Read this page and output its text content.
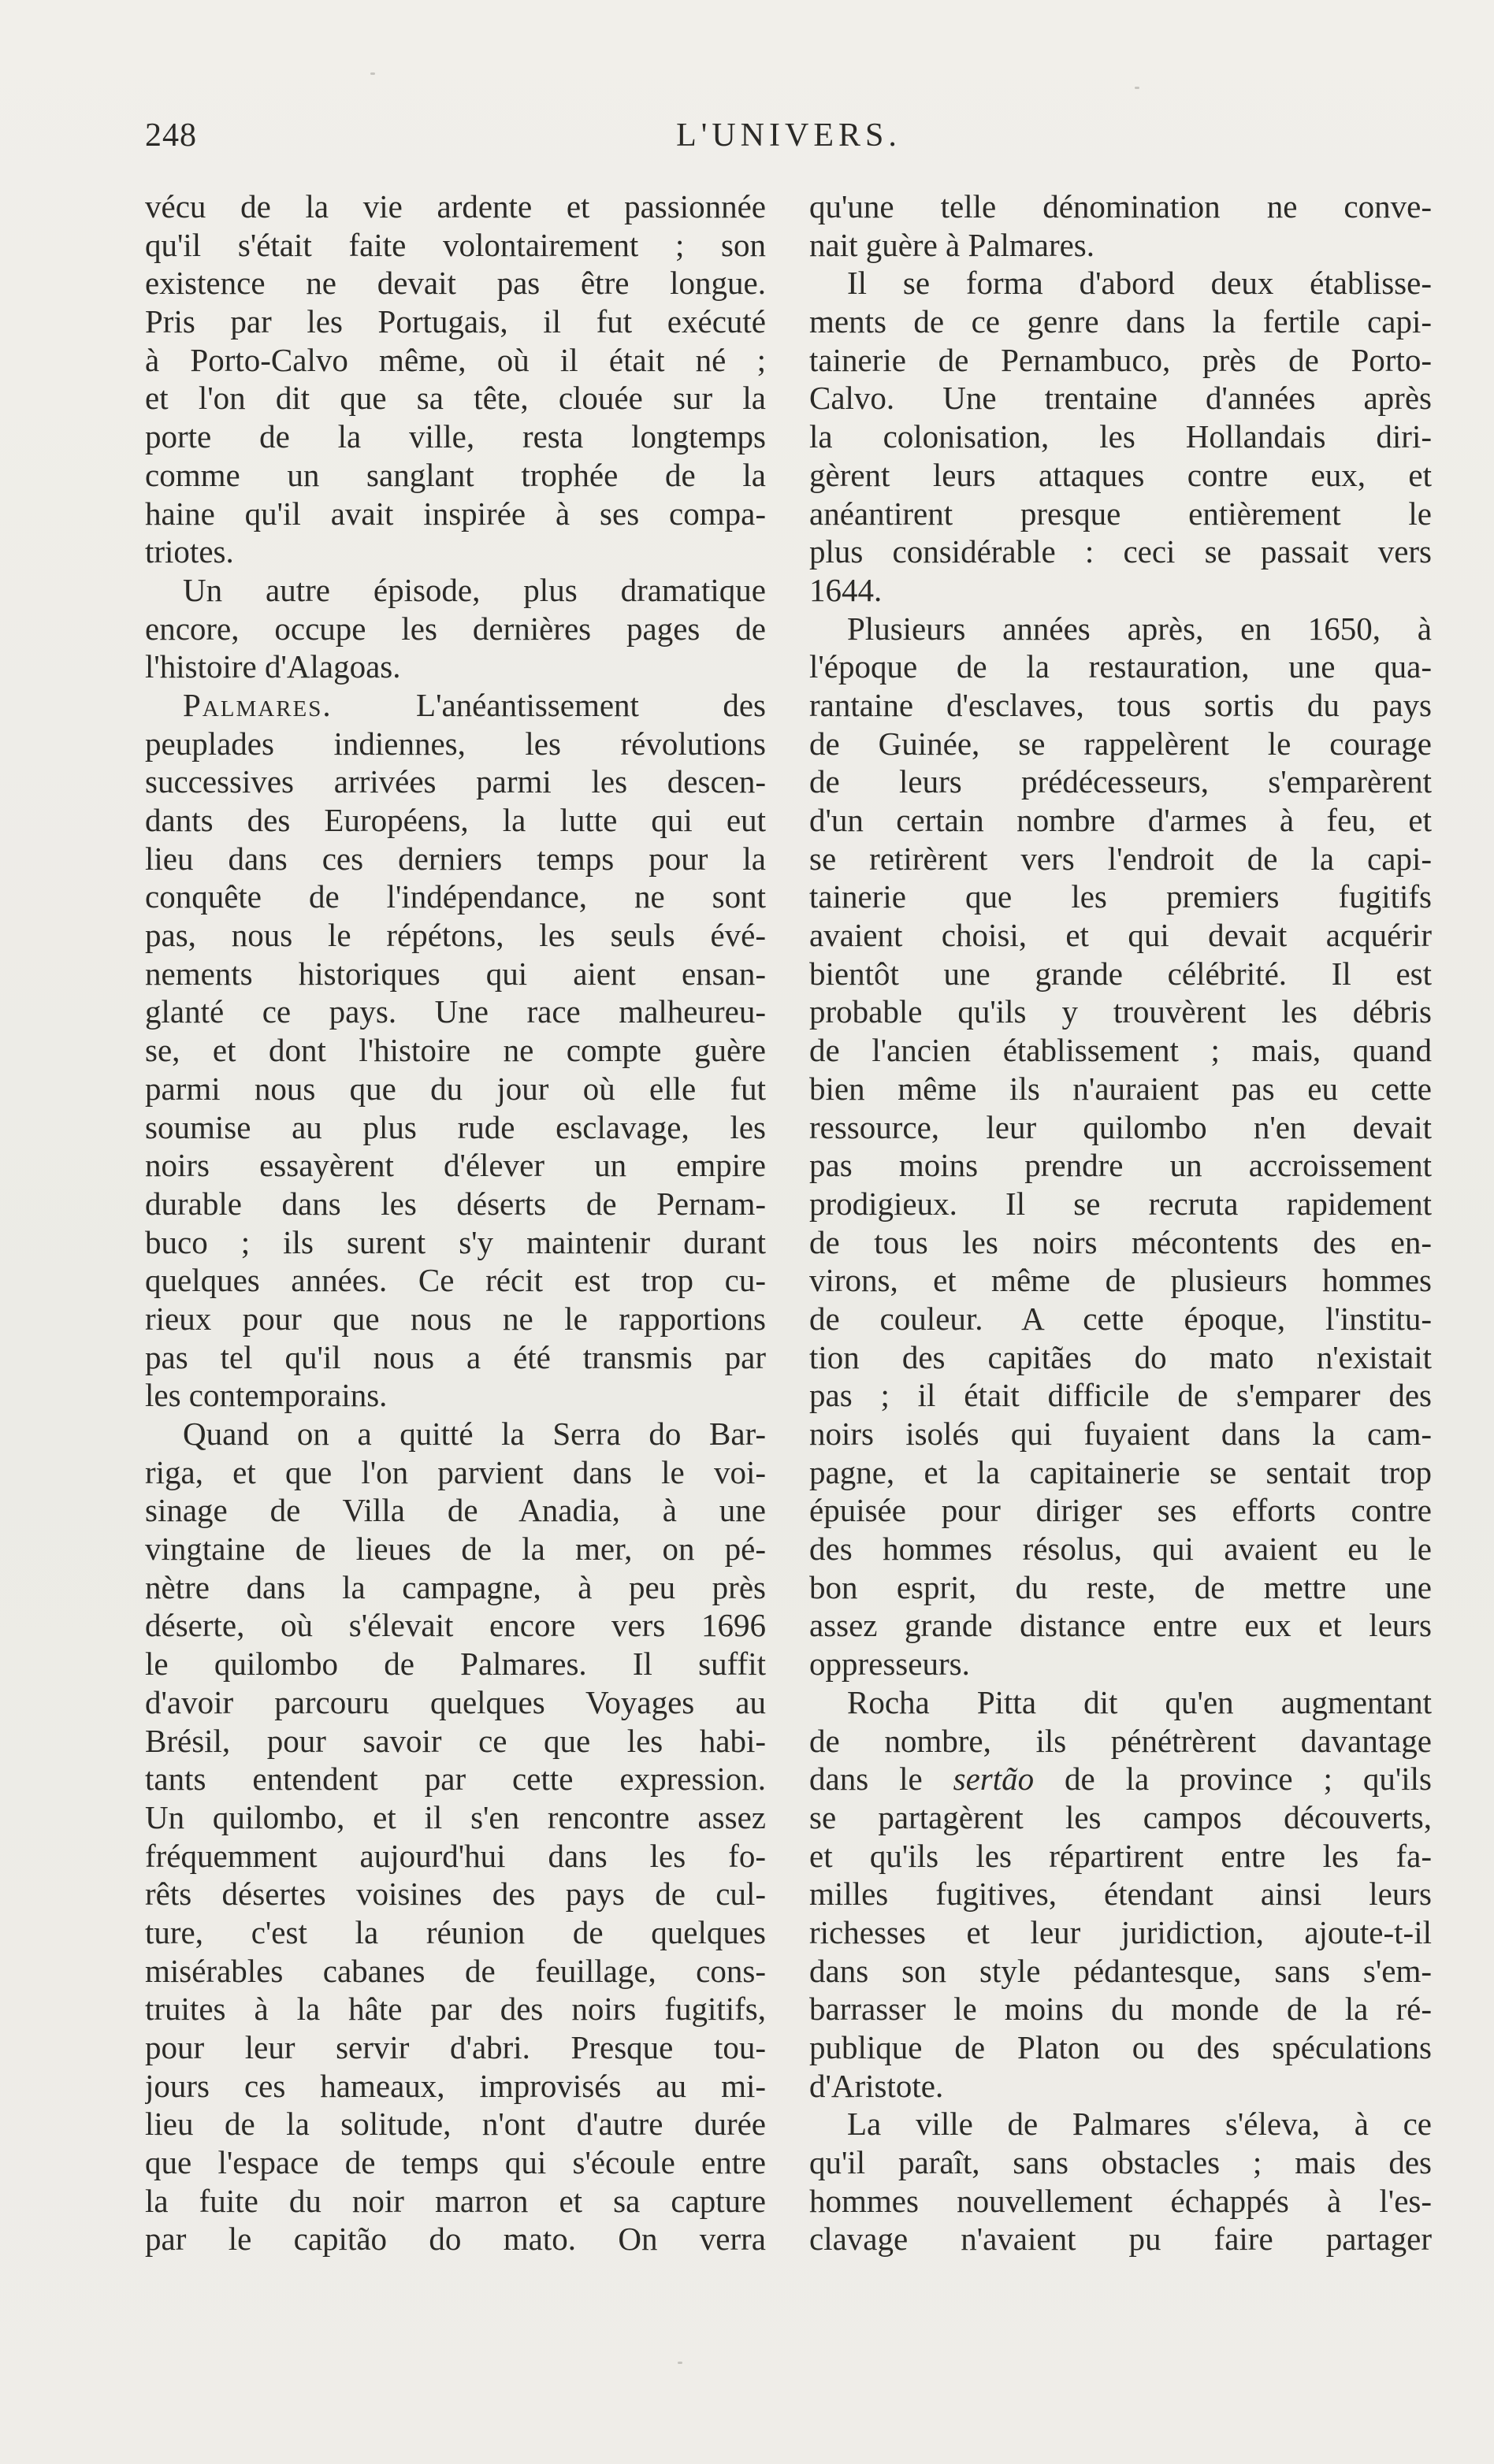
248	L'UNIVERS.
vécu de la vie ardente et passionnée
qu'il s'était faite volontairement ; son
existence ne devait pas être longue.
Pris par les Portugais, il fut exécuté
à Porto-Calvo même, où il était né ;
et l'on dit que sa tête, clouée sur la
porte de la ville, resta longtemps
comme un sanglant trophée de la
haine qu'il avait inspirée à ses compa-
triotes.
Un autre épisode, plus dramatique
encore, occupe les dernières pages de
l'histoire d'Alagoas.
Palmares. L'anéantissement des
peuplades indiennes, les révolutions
successives arrivées parmi les descen-
dants des Européens, la lutte qui eut
lieu dans ces derniers temps pour la
conquête de l'indépendance, ne sont
pas, nous le répétons, les seuls évé-
nements historiques qui aient ensan-
glanté ce pays. Une race malheureu-
se, et dont l'histoire ne compte guère
parmi nous que du jour où elle fut
soumise au plus rude esclavage, les
noirs essayèrent d'élever un empire
durable dans les déserts de Pernam-
buco ; ils surent s'y maintenir durant
quelques années. Ce récit est trop cu-
rieux pour que nous ne le rapportions
pas tel qu'il nous a été transmis par
les contemporains.
Quand on a quitté la Serra do Bar-
riga, et que l'on parvient dans le voi-
sinage de Villa de Anadia, à une
vingtaine de lieues de la mer, on pé-
nètre dans la campagne, à peu près
déserte, où s'élevait encore vers 1696
le quilombo de Palmares. Il suffit
d'avoir parcouru quelques Voyages au
Brésil, pour savoir ce que les habi-
tants entendent par cette expression.
Un quilombo, et il s'en rencontre assez
fréquemment aujourd'hui dans les fo-
rêts désertes voisines des pays de cul-
ture, c'est la réunion de quelques
misérables cabanes de feuillage, cons-
truites à la hâte par des noirs fugitifs,
pour leur servir d'abri. Presque tou-
jours ces hameaux, improvisés au mi-
lieu de la solitude, n'ont d'autre durée
que l'espace de temps qui s'écoule entre
la fuite du noir marron et sa capture
par le capitão do mato. On verra
qu'une telle dénomination ne conve-
nait guère à Palmares.
Il se forma d'abord deux établisse-
ments de ce genre dans la fertile capi-
tainerie de Pernambuco, près de Porto-
Calvo. Une trentaine d'années après
la colonisation, les Hollandais diri-
gèrent leurs attaques contre eux, et
anéantirent presque entièrement le
plus considérable : ceci se passait vers
1644.
Plusieurs années après, en 1650, à
l'époque de la restauration, une qua-
rantaine d'esclaves, tous sortis du pays
de Guinée, se rappelèrent le courage
de leurs prédécesseurs, s'emparèrent
d'un certain nombre d'armes à feu, et
se retirèrent vers l'endroit de la capi-
tainerie que les premiers fugitifs
avaient choisi, et qui devait acquérir
bientôt une grande célébrité. Il est
probable qu'ils y trouvèrent les débris
de l'ancien établissement ; mais, quand
bien même ils n'auraient pas eu cette
ressource, leur quilombo n'en devait
pas moins prendre un accroissement
prodigieux. Il se recruta rapidement
de tous les noirs mécontents des en-
virons, et même de plusieurs hommes
de couleur. A cette époque, l'institu-
tion des capitães do mato n'existait
pas ; il était difficile de s'emparer des
noirs isolés qui fuyaient dans la cam-
pagne, et la capitainerie se sentait trop
épuisée pour diriger ses efforts contre
des hommes résolus, qui avaient eu le
bon esprit, du reste, de mettre une
assez grande distance entre eux et leurs
oppresseurs.
Rocha Pitta dit qu'en augmentant
de nombre, ils pénétrèrent davantage
dans le sertão de la province ; qu'ils
se partagèrent les campos découverts,
et qu'ils les répartirent entre les fa-
milles fugitives, étendant ainsi leurs
richesses et leur juridiction, ajoute-t-il
dans son style pédantesque, sans s'em-
barrasser le moins du monde de la ré-
publique de Platon ou des spéculations
d'Aristote.
La ville de Palmares s'éleva, à ce
qu'il paraît, sans obstacles ; mais des
hommes nouvellement échappés à l'es-
clavage n'avaient pu faire partager
